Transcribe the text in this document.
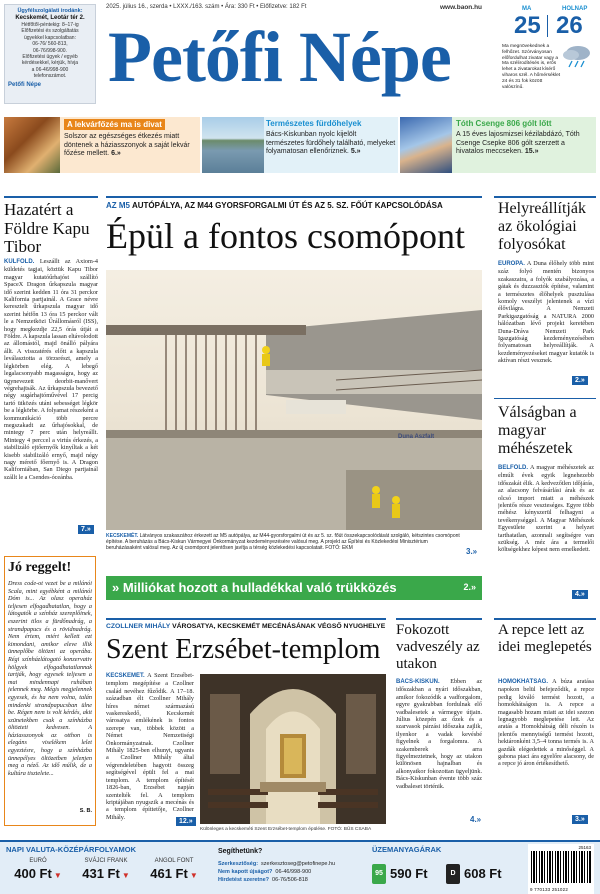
Ügyfélszolgálati irodánk:
Kecskemét, Leotár tér 2.
Hétfőtől-péntekig: 8–17-ig
Előfizetési és szolgáltatás
ügyekkel kapcsolatban:
06-76/ 560-813,
06-76/998-900.
Előfizetési ügyek / egyéb
kérdésekkel, kérjük, hívja
a 06-46/998-900
telefonszámot.
Petőfi Népe
2025. július 16., szerda • LXXX./163. szám • Ára: 330 Ft • Előfizetve: 182 Ft	www.baon.hu
Petőfi Népe
MA	HOLNAP
25 26
Ma megnövekednek a felhőzet. Szórványosan előfordulhat zivatar vagy a Ma szélirodítésés is, erős lehet a zivatarokat kísérő viharos szél. A hőmérséklet 24 és 31 fok között valószínű.
A lekvárfőzés ma is divat
Solszor az egészséges étkezés miatt döntenek a háziasszonyok a saját lekvár főzése mellett. 6.»
Természetes fürdőhelyek
Bács-Kiskunban nyolc kijelölt természetes fürdőhely található, melyeket folyamatosan ellenőriznek. 5.»
Tóth Csenge 806 gólt lőtt
A 15 éves lajosmizsei kézilabdázó, Tóth Csenge Csepke 806 gólt szerzett a hivatalos meccseken. 15.»
Hazatért a Földre Kapu Tibor
KÜLFÖLD. Leszállt az Axiom-4 küldetés tagjai, köztük Kapu Tibor magyar kutatóűrhajóst szállító SpaceX Dragon űrkapszula magyar idő szerint kedden 11 óra 31 perckor Kalifornia partjainál. A Grace névre keresztelt űrkapszula magyar idő szerint hétfőn 13 óra 15 perckor vált le a Nemzetközi Űrállomásról (ISS), hogy megkezdje 22,5 órás útját a Földre. A kapszula lassan eltávolodott az állomástól, majd önálló pályára állt. A visszatérés előtt a kapszula leválasztotta a törzsrészt, amely a légkörben elég. A lebegő legalacsonyabb magasságra, hogy az ügynevezett deorbit-manővert végrehajtsák. Az űrkapszula bevezető négy sugárhajtóművével 17 percig tartó ütközés utáni sebességet légkör be a légkörbe. A folyamat részeként a kommunikáció több percre megszakadt az űrhajósokkal, de mintegy 7 perc után helyreállt. Mintegy 4 perccel a virtús érkezés, a stabilizáló ejtőernyők kinyíltak a két kisebb stabilizáló ernyő, majd négy nagy mérető főernyő is. A Dragon Kaliforniában, San Diego partjainál szállt le a Csendes-óceánba.
7.»
Jó reggelt!
Dress code-ot vezet be a milánói Scala, mint egyébként a milánói Dóm is... Az olasz operaház teljesen elfogadhatatlan, hogy a látogatók a színház szereplőinek, eszerint tilos a fürdőnadrág, a strandpapucs és a rövidnadrág. Nem értem, miért kellett ezt kimondani, amikor eleve illik ünneplőbe öltözni az operába. Régi színházlátogató konzervativ hölgyek elfogadhatatlannak tartják, hogy egyesek teljesen a mai mindennapi ruhában jelennek meg. Mégis megjelennek egyesek, és ha nem volna, talán mindenki strandpapucsban ülne be. Régen nem is volt kérdés, akit szünetekben csak a színházba öltözteti kedvesen. A háziasszonyok az otthon is elegáns viselékem lelet egyeztésre, hogy a színházba ünnepélyes öltözetben jelenjen meg a néző. Az idő múlik, de a kultúra tisztelete...
S. B.
AZ M5 AUTÓPÁLYA, AZ M44 GYORSFORGALMI ÚT ÉS AZ 5. SZ. FŐÚT KAPCSOLÓDÁSA
Épül a fontos csomópont
Duna Aszfalt
KECSKEMÉT. Látványos szakaszához érkezett az M5 autópálya, az M44-gyorsforgalmi út és az 5. sz. főút összekapcsolódását szolgáló, kétszintes csomópont építése. A beruházás a Bács-Kiskun Vármegyei Önkormányzat kezdeményezésére valósul meg. A projekt az Építési és Közlekedési Minisztérium beruházásaként valósul meg. Az új csomópont jelentősen javítja a térség közlekedési kapcsolatait. FOTÓ: EKM	3.»
» Milliókat hozott a hulladékkal való trükközés	2.»
CZOLLNER MIHÁLY VÁROSATYA, KECSKEMÉT MECÉNÁSÁNAK VÉGSŐ NYUGHELYE
Szent Erzsébet-templom
KECSKEMÉT. A Szent Erzsébet-templom megépítése a Czollner család nevéhez fűződik. A 17–18. században élt Czollner Mihály híres német származású vaskereskedő, Kecskemét városatya emlékének is fontos szerepe van, többek között a Német Nemzetiségi Önkormányzatnak. Czollner Mihály 1825-ben elhunyt, ugyanis a Czollner Mihály által végrendeletében hagyott összeg segítségével épült fel a mai templom. A templom építését 1826-ban, Erzsébet napján szentelték fel. A templom kriptájában nyugszik a mecénás és a templom építtetője, Czollner Mihály.
12.»
Különleges a kecskeméti Szent Erzsébet-templom épülése. FOTÓ: BÜS CSABA
Fokozott vadveszély az utakon
BÁCS-KISKUN. Ebben az időszakban a nyári időszakban, amikor fokozódik a vadforgalom, egyre gyakrabban fordulnak elő vadbalesetek a vármegye útjain. Július közepén az őzek és a szarvasok párzási időszaka zajlik, ilyenkor a vadak kevésbé figyelnek a forgalomra. A szakemberek arra figyelmeztetnek, hogy az utakon különösen hajnalban és alkonyatkor fokozottan ügyeljünk. Bács-Kiskunban évente több száz vadbaleset történik.
4.»
Helyreállítják az ökológiai folyosókat
EURÓPA. A Duna élőhely több mint száz folyó mentén bizonyos szakaszaira, a folyók szabályozása, a gátak és duzzasztók építése, valamint a természetes élőhelyek pusztulása komoly veszélyt jelentenek a vízi élővilágra. A Nemzeti Parkigazgatóság a NATURA 2000 hálózatban lévő projekt keretében Duna-Dráva Nemzeti Park Igazgatóság kezdeményezésében folyamatosan helyreállítják. A kezdeményezéseket magyar kutatók is aktívan részt vesznek.
2.»
Válságban a magyar méhészetek
BELFÖLD. A magyar méhészetek az elmúlt évek egyik legnehezebb időszakát élik. A kedvezőtlen időjárás, az alacsony felvásárlási árak és az olcsó import miatt a méhészek jelentős része veszteséges. Egyre több méhész kényszerül felhagyni a tevékenységgel. A Magyar Méhészek Egyesülete szerint a helyzet tarthatatlan, azonnali segítségre van szükség. A méz ára a termelői költségekhez képest nem emelkedett.
4.»
A repce lett az idei meglepetés
HOMOKHÁTSÁG. A búza aratása napokon belül befejeződik, a repce pedig kiváló termést hozott, a homokhátságon is. A repce a magasabb hozam miatt az idei szezon legnagyobb meglepetése lett. Az aratás a Homokhátság déli részén is jelentős mennyiségű termést hozott, hektáronként 3,5–4 tonna termés is. A gazdák elégedettek a minőséggel. A gabona piaci ára egyelőre alacsony, de a repce jó áron értékesíthető.
3.»
NAPI VALUTA-KÖZÉPÁRFOLYAMOK
EURÓ
400 Ft ▼
SVÁJCI FRANK
431 Ft ▼
ANGOL FONT
461 Ft ▼
Segíthetünk?
Szerkesztőség: szerkesztoseg@petofinepe.hu
Nem kapott újságot? 06-46/998-900
Hirdetést szeretne? 06-76/506-818
ÜZEMANYAGÁRAK
95 590 Ft	D 608 Ft
25163
9 770133 251022
